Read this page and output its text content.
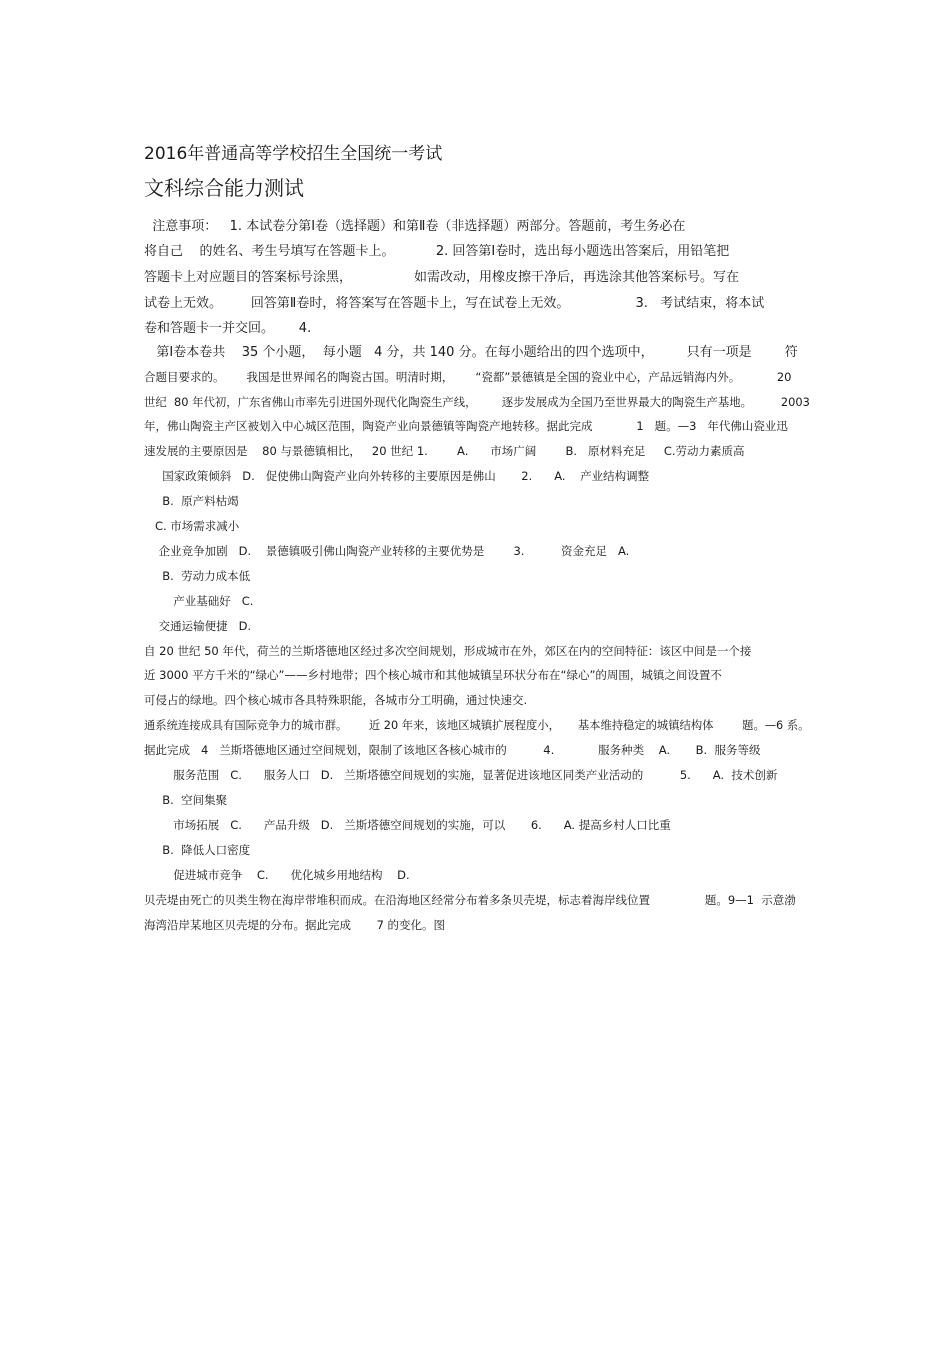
2016年普通高等学校招生全国统一考试
文科综合能力测试
注意事项：   1. 本试卷分第Ⅰ卷（选择题）和第Ⅱ卷（非选择题）两部分。答题前，考生务必在
将自己    的姓名、考生号填写在答题卡上。          2. 回答第Ⅰ卷时，选出每小题选出答案后，用铅笔把
答题卡上对应题目的答案标号涂黑，               如需改动，用橡皮擦干净后，再选涂其他答案标号。写在
试卷上无效。       回答第Ⅱ卷时，将答案写在答题卡上，写在试卷上无效。                3.   考试结束，将本试
卷和答题卡一并交回。      4.
第Ⅰ卷本卷共    35 个小题，  每小题   4 分，共 140 分。在每小题给出的四个选项中，        只有一项是        符
合题目要求的。      我国是世界闻名的陶瓷古国。明清时期，      “瓷都”景德镇是全国的瓷业中心，产品远销海内外。          20
世纪  80 年代初，广东省佛山市率先引进国外现代化陶瓷生产线，       逐步发展成为全国乃至世界最大的陶瓷生产基地。        2003
年，佛山陶瓷主产区被划入中心城区范围，陶瓷产业向景德镇等陶瓷产地转移。据此完成            1   题。—3   年代佛山瓷业迅
速发展的主要原因是    80 与景德镇相比，   20 世纪 1.        A.      市场广阔        B.   原材料充足     C.劳动力素质高
国家政策倾斜   D.   促使佛山陶瓷产业向外转移的主要原因是佛山       2.      A.    产业结构调整
B.  原产料枯竭
C. 市场需求减小
企业竞争加剧   D.    景德镇吸引佛山陶瓷产业转移的主要优势是        3.          资金充足   A.
B.  劳动力成本低
产业基础好   C.
交通运输便捷   D.
自 20 世纪 50 年代，荷兰的兰斯塔德地区经过多次空间规划，形成城市在外，郊区在内的空间特征：该区中间是一个接
近 3000 平方千米的“绿心”——乡村地带；四个核心城市和其他城镇呈环状分布在“绿心”的周围，城镇之间设置不
可侵占的绿地。四个核心城市各具特殊职能，各城市分工明确，通过快速交.
通系统连接成具有国际竞争力的城市群。      近 20 年来，该地区城镇扩展程度小，     基本维持稳定的城镇结构体        题。—6 系。
据此完成   4   兰斯塔德地区通过空间规划，限制了该地区各核心城市的          4.            服务种类    A.       B.  服务等级
服务范围   C.      服务人口   D.   兰斯塔德空间规划的实施，显著促进该地区同类产业活动的          5.      A.  技术创新
B.  空间集聚
市场拓展   C.      产品升级   D.   兰斯塔德空间规划的实施，可以       6.      A. 提高乡村人口比重
B.  降低人口密度
促进城市竞争    C.      优化城乡用地结构    D.
贝壳堤由死亡的贝类生物在海岸带堆积而成。在沿海地区经常分布着多条贝壳堤，标志着海岸线位置               题。9—1  示意渤
海湾沿岸某地区贝壳堤的分布。据此完成       7 的变化。图
